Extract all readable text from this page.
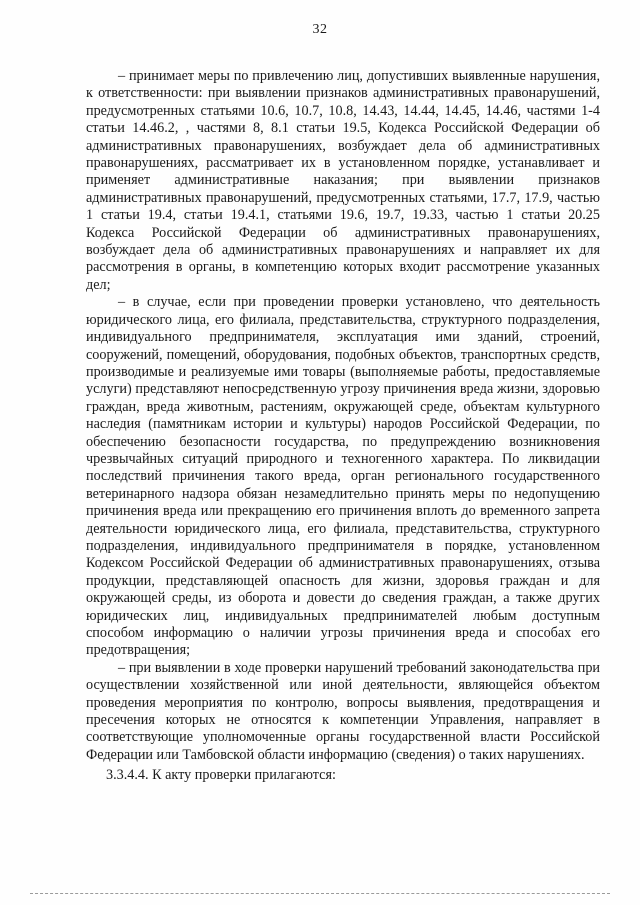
32

– принимает меры по привлечению лиц, допустивших выявленные нарушения, к ответственности: при выявлении признаков административных правонарушений, предусмотренных статьями 10.6, 10.7, 10.8, 14.43, 14.44, 14.45, 14.46, частями 1-4 статьи 14.46.2, , частями 8, 8.1 статьи 19.5, Кодекса Российской Федерации об административных правонарушениях, возбуждает дела об административных правонарушениях, рассматривает их в установленном порядке, устанавливает и применяет административные наказания; при выявлении признаков административных правонарушений, предусмотренных статьями, 17.7, 17.9, частью 1 статьи 19.4, статьи 19.4.1, статьями 19.6, 19.7, 19.33, частью 1 статьи 20.25 Кодекса Российской Федерации об административных правонарушениях, возбуждает дела об административных правонарушениях и направляет их для рассмотрения в органы, в компетенцию которых входит рассмотрение указанных дел;

– в случае, если при проведении проверки установлено, что деятельность юридического лица, его филиала, представительства, структурного подразделения, индивидуального предпринимателя, эксплуатация ими зданий, строений, сооружений, помещений, оборудования, подобных объектов, транспортных средств, производимые и реализуемые ими товары (выполняемые работы, предоставляемые услуги) представляют непосредственную угрозу причинения вреда жизни, здоровью граждан, вреда животным, растениям, окружающей среде, объектам культурного наследия (памятникам истории и культуры) народов Российской Федерации, по обеспечению безопасности государства, по предупреждению возникновения чрезвычайных ситуаций природного и техногенного характера. По ликвидации последствий причинения такого вреда, орган регионального государственного ветеринарного надзора обязан незамедлительно принять меры по недопущению причинения вреда или прекращению его причинения вплоть до временного запрета деятельности юридического лица, его филиала, представительства, структурного подразделения, индивидуального предпринимателя в порядке, установленном Кодексом Российской Федерации об административных правонарушениях, отзыва продукции, представляющей опасность для жизни, здоровья граждан и для окружающей среды, из оборота и довести до сведения граждан, а также других юридических лиц, индивидуальных предпринимателей любым доступным способом информацию о наличии угрозы причинения вреда и способах его предотвращения;

– при выявлении в ходе проверки нарушений требований законодательства при осуществлении хозяйственной или иной деятельности, являющейся объектом проведения мероприятия по контролю, вопросы выявления, предотвращения и пресечения которых не относятся к компетенции Управления, направляет в соответствующие уполномоченные органы государственной власти Российской Федерации или Тамбовской области информацию (сведения) о таких нарушениях.

3.3.4.4. К акту проверки прилагаются:
